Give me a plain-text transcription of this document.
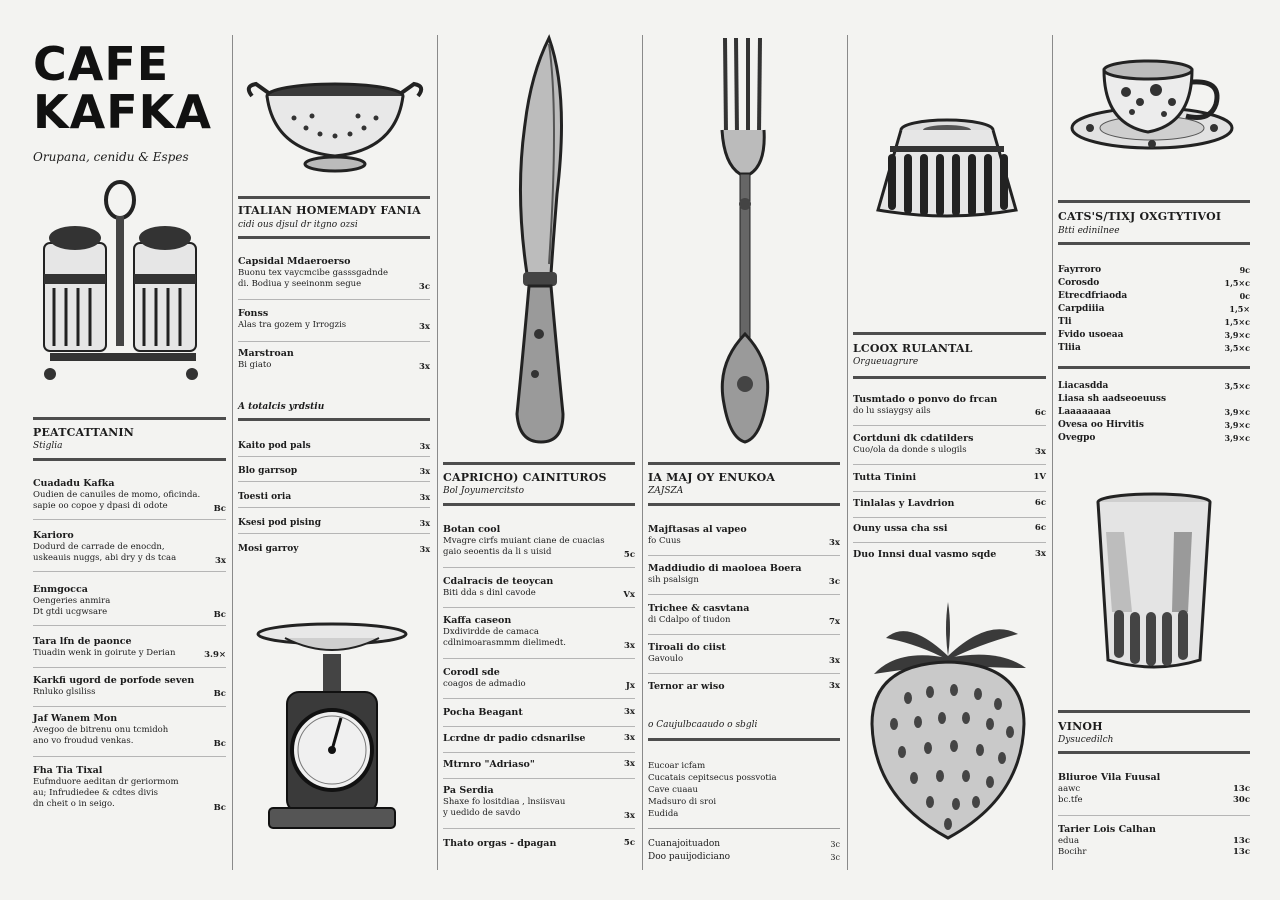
CAFE
KAFKA
Orupana, cenidu & Espes
PEATCATTANIN
Stiglia
Cuadadu Kafka
Oudien de canuiles de momo, oficinda.
sapie oo copoe y dpasi di odote	Bc
Karioro
Dodurd de carrade de enocdn,
uskeauis nuggs, abi dry y ds tcaa	3x
Enmgocca
Oengeries anmira
Dt gtdi ucgwsare	Bc
Tara lfn de paonce
Tiuadin wenk in goirute y Derian	3.9×
Karkfi ugord de porfode seven
Rnluko glsiliss	Bc
Jaf Wanem Mon
Avegoo de bitrenu onu tcmidoh
ano vo froudud venkas.	Bc
Fha Tia Tixal
Eufmduore aeditan dr geriormom
au; Infrudiedee & cdtes divis
dn cheit o in seigo.	Bc
ITALIAN HOMEMADY FANIA
cidi ous djsul dr itgno ozsi
Capsidal Mdaeroerso
Buonu tex vaycmcibe gasssgadnde
di. Bodiua y seeinonm segue	3c
Fonss
Alas tra gozem y Irrogzis	3x
Marstroan
Bi giato	3x
A totalcis yrdstiu
Kaito pod pals	3x
Blo garrsop	3x
Toesti oria	3x
Ksesi pod pising	3x
Mosi garroy	3x
CAPRICHO) CAINITUROS
Bol Joyumercitsto
Botan cool
Mvagre cirfs muiant ciane de cuacias
gaio seoentis da li s uisid	5c
Cdalracis de teoycan
Biti dda s dinl cavode	Vx
Kaffa caseon
Dxdivirdde de camaca
cdlnimoarasmmm dielimedt.	3x
Corodl sde
coagos de admadio	Jx
Pocha Beagant	3x
Lcrdne dr padio cdsnarilse	3x
Mtrnro "Adriaso"	3x
Pa Serdia
Shaxe fo lositdiaa , lnsiisvau
y uedido de savdo	3x
Thato orgas - dpagan	5c
IA MAJ OY ENUKOA
ZAJSZA
Majftasas al vapeo
fo Cuus	3x
Maddiudio di maoloea Boera
sih psalsign	3c
Trichee & casvtana
di Cdalpo of tiudon	7x
Tiroali do ciist
Gavoulo	3x
Ternor ar wiso	3x
o Caujulbcaaudo o sbgli
Eucoar icfam
Cucatais cepitsecus possvotia
Cave cuaau
Madsuro di sroi
Eudida
Cuanajoituadon	3c
Doo pauijodiciano	3c
LCOOX RULANTAL
Orgueuagrure
Tusmtado o ponvo do frcan
do lu ssiaygsy ails	6c
Cortduni dk cdatilders
Cuo/ola da donde s ulogils	3x
Tutta Tinini	1V
Tinlalas y Lavdrion	6c
Ouny ussa cha ssi	6c
Duo Innsi dual vasmo sqde	3x
CATS'S/TIXJ OXGTYTIVOI
Btti edinilnee
Fayrroro	9c
Corosdo	1,5×c
Etrecdfriaoda	0c
Carpdiiia	1,5×
Tli	1,5×c
Fvido usoeaa	3,9×c
Tliia	3,5×c
Liacasdda	3,5×c
Liasa sh aadseoeuuss
Laaaaaaaa	3,9×c
Ovesa oo Hirvitis	3,9×c
Ovegpo	3,9×c
VINOH
Dysucedilch
Bliuroe Vila Fuusal
aawc	13c
bc.tfe	30c
Tarier Lois Calhan
edua	13c
Bocihr	13c
